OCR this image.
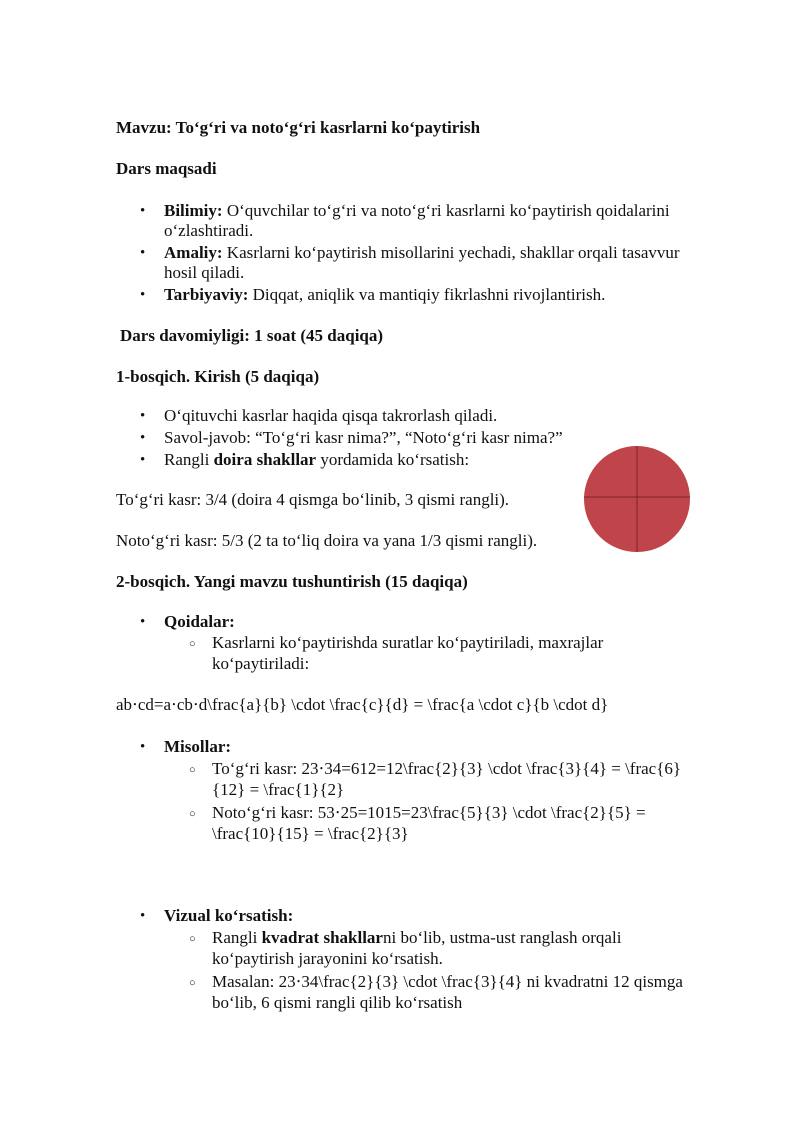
Mavzu: To‘g‘ri va noto‘g‘ri kasrlarni ko‘paytirish
Dars maqsadi
• Bilimiy: O‘quvchilar to‘g‘ri va noto‘g‘ri kasrlarni ko‘paytirish qoidalarini
o‘zlashtiradi.
• Amaliy: Kasrlarni ko‘paytirish misollarini yechadi, shakllar orqali tasavvur
hosil qiladi.
• Tarbiyaviy: Diqqat, aniqlik va mantiqiy fikrlashni rivojlantirish.
Dars davomiyligi: 1 soat (45 daqiqa)
1-bosqich. Kirish (5 daqiqa)
• O‘qituvchi kasrlar haqida qisqa takrorlash qiladi.
• Savol-javob: “To‘g‘ri kasr nima?”, “Noto‘g‘ri kasr nima?”
• Rangli doira shakllar yordamida ko‘rsatish:
To‘g‘ri kasr: 3/4 (doira 4 qismga bo‘linib, 3 qismi rangli).
Noto‘g‘ri kasr: 5/3 (2 ta to‘liq doira va yana 1/3 qismi rangli).
2-bosqich. Yangi mavzu tushuntirish (15 daqiqa)
• Qoidalar:
○ Kasrlarni ko‘paytirishda suratlar ko‘paytiriladi, maxrajlar
ko‘paytiriladi:
ab⋅cd=a⋅cb⋅d\frac{a}{b} \cdot \frac{c}{d} = \frac{a \cdot c}{b \cdot d}
• Misollar:
○ To‘g‘ri kasr: 23⋅34=612=12\frac{2}{3} \cdot \frac{3}{4} = \frac{6}
{12} = \frac{1}{2}
○ Noto‘g‘ri kasr: 53⋅25=1015=23\frac{5}{3} \cdot \frac{2}{5} =
\frac{10}{15} = \frac{2}{3}
• Vizual ko‘rsatish:
○ Rangli kvadrat shakllarni bo‘lib, ustma-ust ranglash orqali
ko‘paytirish jarayonini ko‘rsatish.
○ Masalan: 23⋅34\frac{2}{3} \cdot \frac{3}{4} ni kvadratni 12 qismga
bo‘lib, 6 qismi rangli qilib ko‘rsatish
